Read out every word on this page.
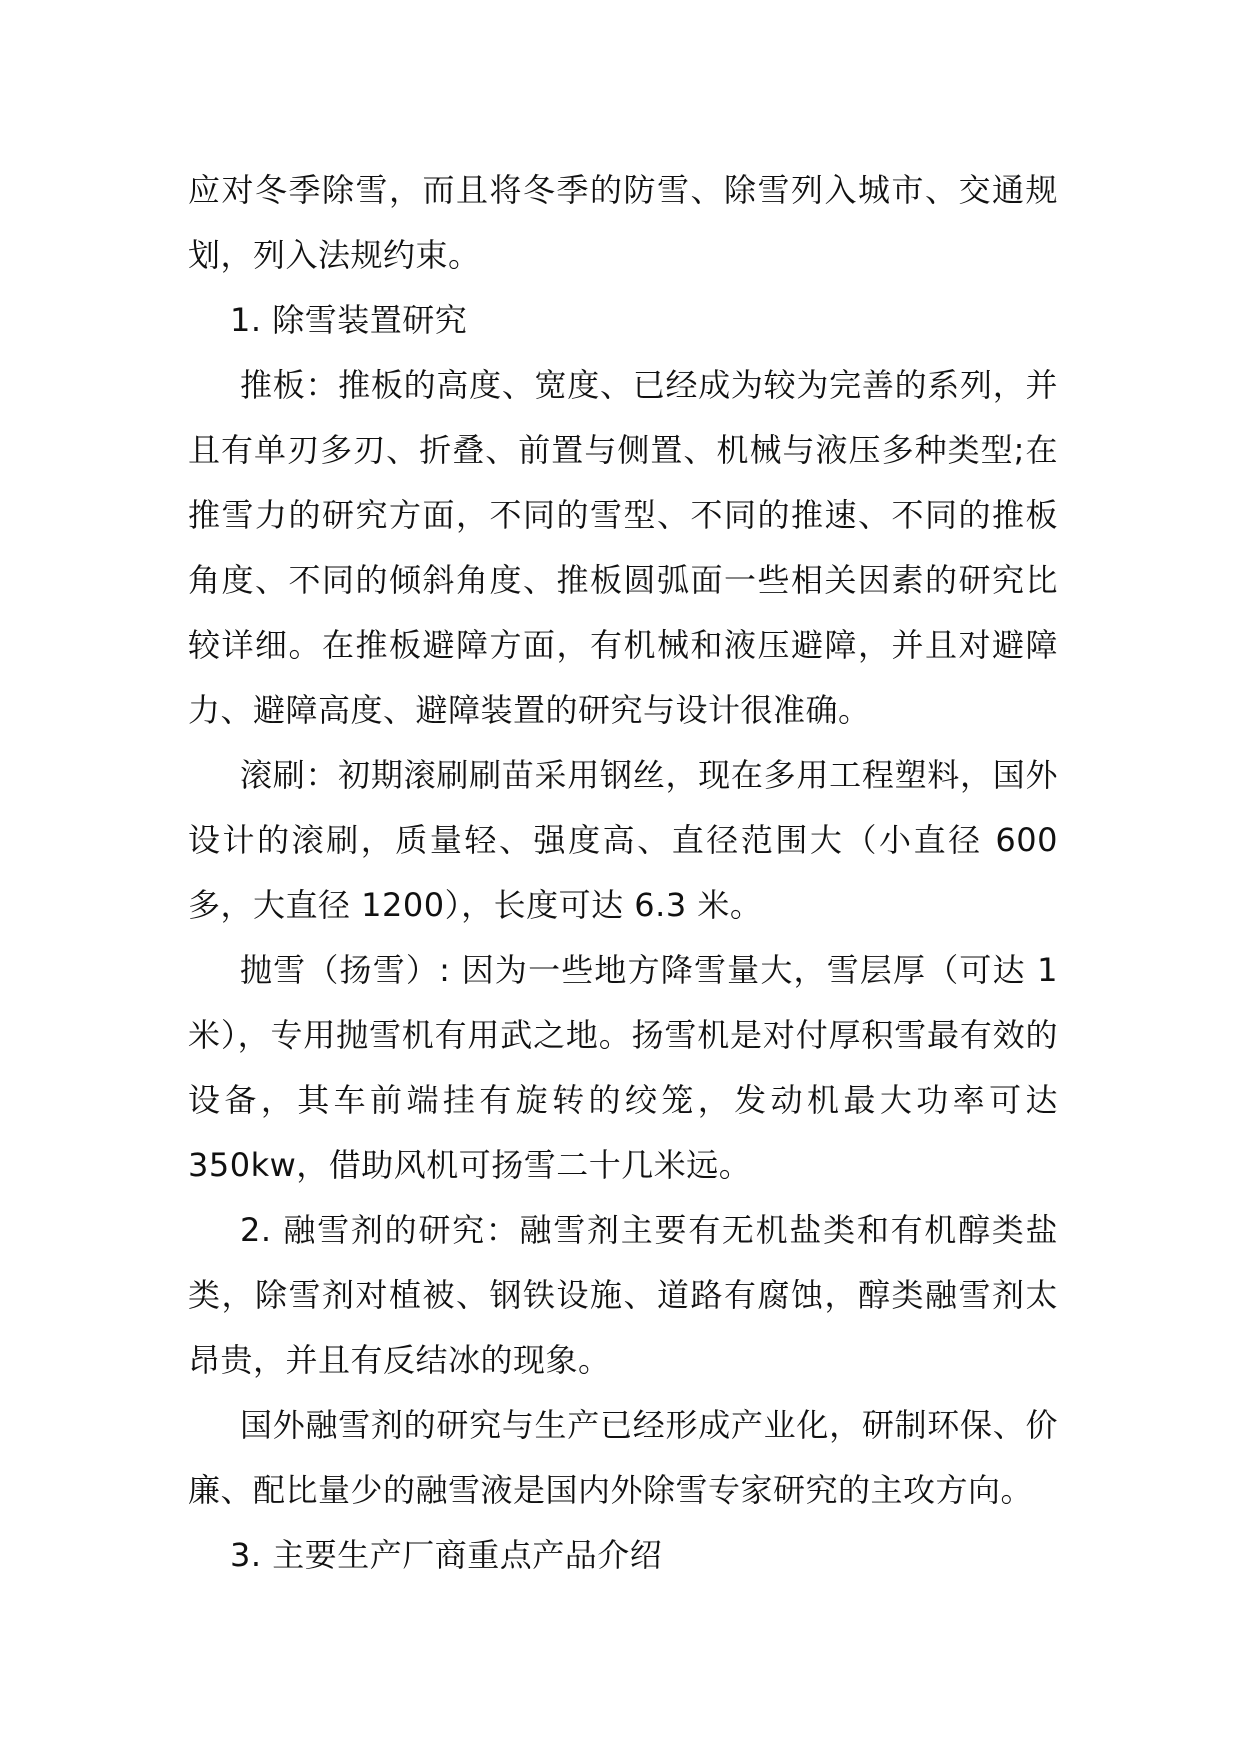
应对冬季除雪，而且将冬季的防雪、除雪列入城市、交通规划，列入法规约束。

1. 除雪装置研究

推板：推板的高度、宽度、已经成为较为完善的系列，并且有单刃多刃、折叠、前置与侧置、机械与液压多种类型;在推雪力的研究方面，不同的雪型、不同的推速、不同的推板角度、不同的倾斜角度、推板圆弧面一些相关因素的研究比较详细。在推板避障方面，有机械和液压避障，并且对避障力、避障高度、避障装置的研究与设计很准确。

滚刷：初期滚刷刷苗采用钢丝，现在多用工程塑料，国外设计的滚刷，质量轻、强度高、直径范围大（小直径 600 多，大直径 1200），长度可达 6.3 米。

抛雪（扬雪）: 因为一些地方降雪量大，雪层厚（可达 1 米），专用抛雪机有用武之地。扬雪机是对付厚积雪最有效的设备，其车前端挂有旋转的绞笼，发动机最大功率可达 350kw，借助风机可扬雪二十几米远。

2. 融雪剂的研究：融雪剂主要有无机盐类和有机醇类盐类，除雪剂对植被、钢铁设施、道路有腐蚀，醇类融雪剂太昂贵，并且有反结冰的现象。

国外融雪剂的研究与生产已经形成产业化，研制环保、价廉、配比量少的融雪液是国内外除雪专家研究的主攻方向。

3. 主要生产厂商重点产品介绍
